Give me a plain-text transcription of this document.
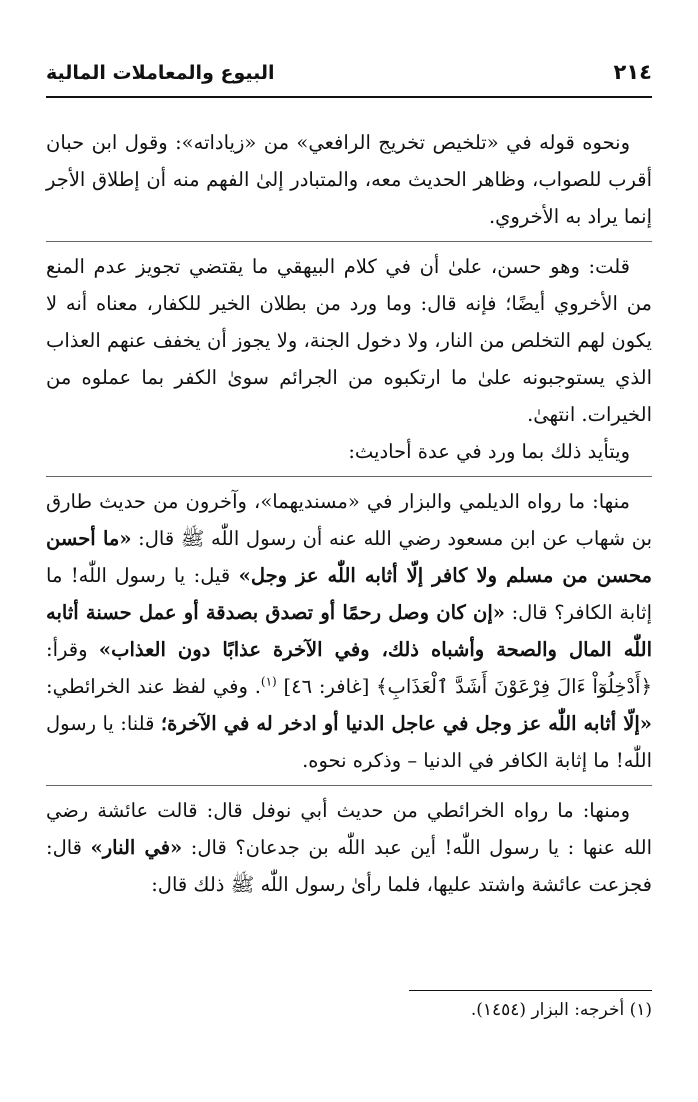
٢١٤
البيوع والمعاملات المالية

ونحوه قوله في «تلخيص تخريج الرافعي» من «زياداته»: وقول ابن حبان أقرب للصواب، وظاهر الحديث معه، والمتبادر إلىٰ الفهم منه أن إطلاق الأجر إنما يراد به الأخروي.

قلت: وهو حسن، علىٰ أن في كلام البيهقي ما يقتضي تجويز عدم المنع من الأخروي أيضًا؛ فإنه قال: وما ورد من بطلان الخير للكفار، معناه أنه لا يكون لهم التخلص من النار، ولا دخول الجنة، ولا يجوز أن يخفف عنهم العذاب الذي يستوجبونه علىٰ ما ارتكبوه من الجرائم سوىٰ الكفر بما عملوه من الخيرات. انتهىٰ.
ويتأيد ذلك بما ورد في عدة أحاديث:

منها: ما رواه الديلمي والبزار في «مسنديهما»، وآخرون من حديث طارق بن شهاب عن ابن مسعود رضي الله عنه أن رسول اللّٰه ﷺ قال: «ما أحسن محسن من مسلم ولا كافر إلّا أثابه اللّٰه عز وجل» قيل: يا رسول اللّٰه! ما إثابة الكافر؟ قال: «إن كان وصل رحمًا أو تصدق بصدقة أو عمل حسنة أثابه اللّٰه المال والصحة وأشباه ذلك، وفي الآخرة عذابًا دون العذاب» وقرأ: ﴿أَدْخِلُوٓاْ ءَالَ فِرْعَوْنَ أَشَدَّ ٱلْعَذَابِ﴾ [غافر: ٤٦] $^{(١)}$. وفي لفظ عند الخرائطي: «إلّا أثابه اللّٰه عز وجل في عاجل الدنيا أو ادخر له في الآخرة؛ قلنا: يا رسول اللّٰه! ما إثابة الكافر في الدنيا – وذكره نحوه.

ومنها: ما رواه الخرائطي من حديث أبي نوفل قال: قالت عائشة رضي الله عنها : يا رسول اللّٰه! أين عبد اللّٰه بن جدعان؟ قال: «في النار» قال: فجزعت عائشة واشتد عليها، فلما رأىٰ رسول اللّٰه ﷺ ذلك قال:

(١) أخرجه: البزار (١٤٥٤).
